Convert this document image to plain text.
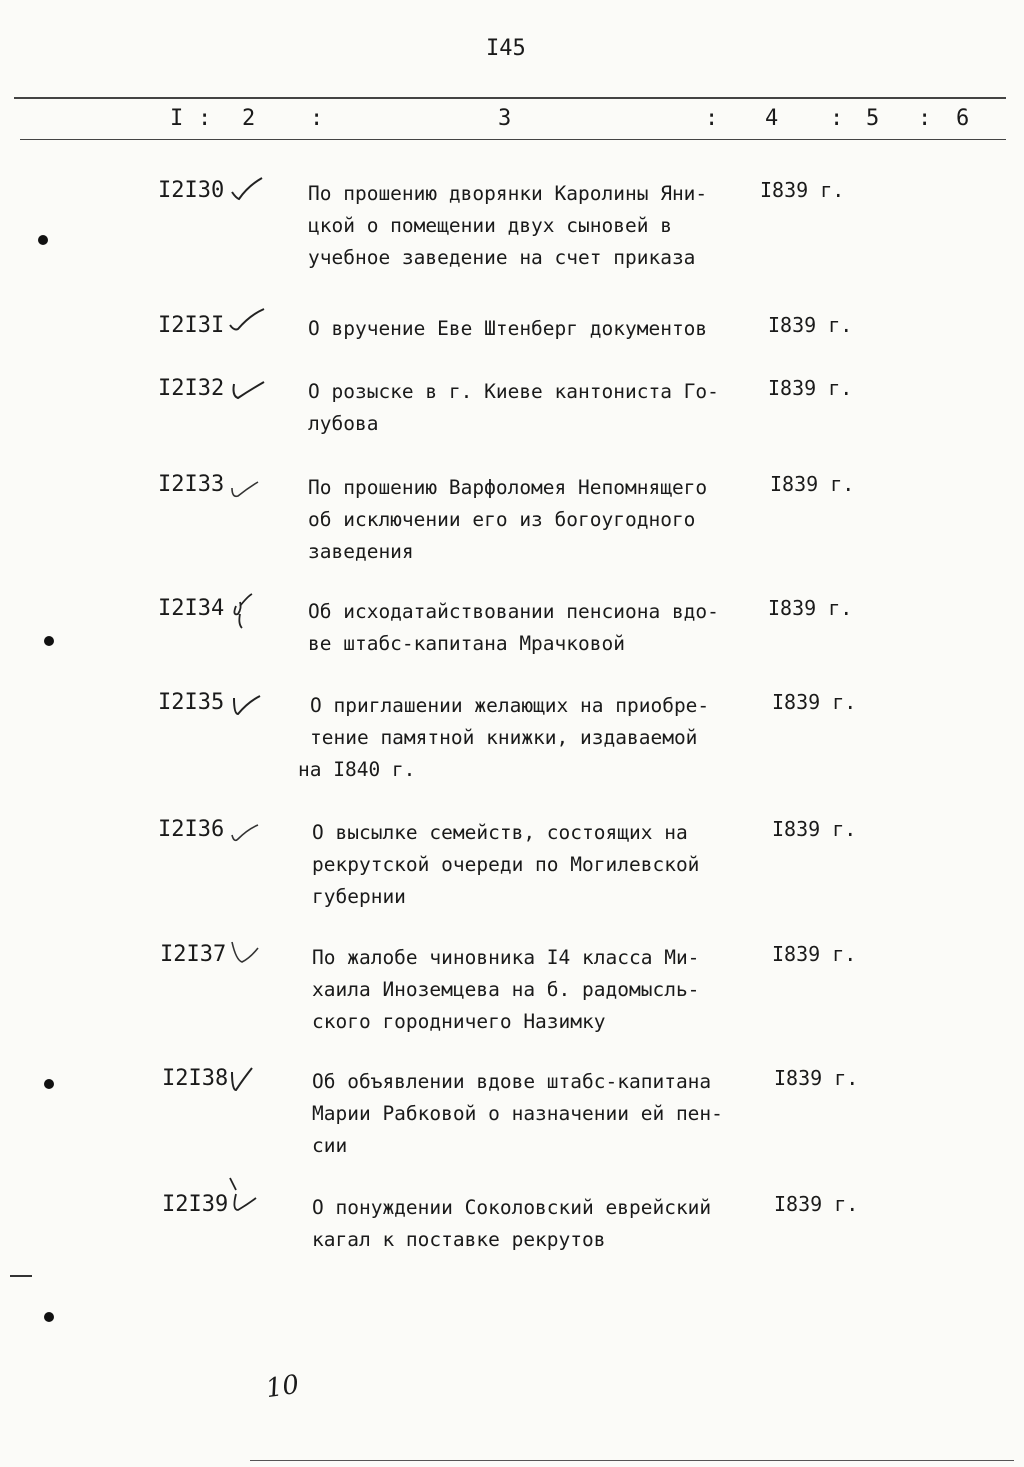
I45
I : 2 :	3	: 4 : 5 : 6
I2I30	По прошению дворянки Каролины Яни-
цкой о помещении двух сыновей в
учебное заведение на счет приказа
I839 г.
I2I3I	О вручение Еве Штенберг документов	I839 г.
I2I32	О розыске в г. Киеве кантониста Го-
лубова
I839 г.
I2I33	По прошению Варфоломея Непомнящего
об исключении его из богоугодного
заведения
I839 г.
I2I34	Об исходатайствовании пенсиона вдо-
ве штабс-капитана Мрачковой
I839 г.
I2I35	О приглашении желающих на приобре-
тение памятной книжки, издаваемой
на I840 г.
I839 г.
I2I36	О высылке семейств, состоящих на
рекрутской очереди по Могилевской
губернии
I839 г.
I2I37	По жалобе чиновника I4 класса Ми-
хаила Иноземцева на б. радомысль-
ского городничего Назимку
I839 г.
I2I38	Об объявлении вдове штабс-капитана
Марии Рабковой о назначении ей пен-
сии
I839 г.
I2I39	О понуждении Соколовский еврейский
кагал к поставке рекрутов
I839 г.
10
